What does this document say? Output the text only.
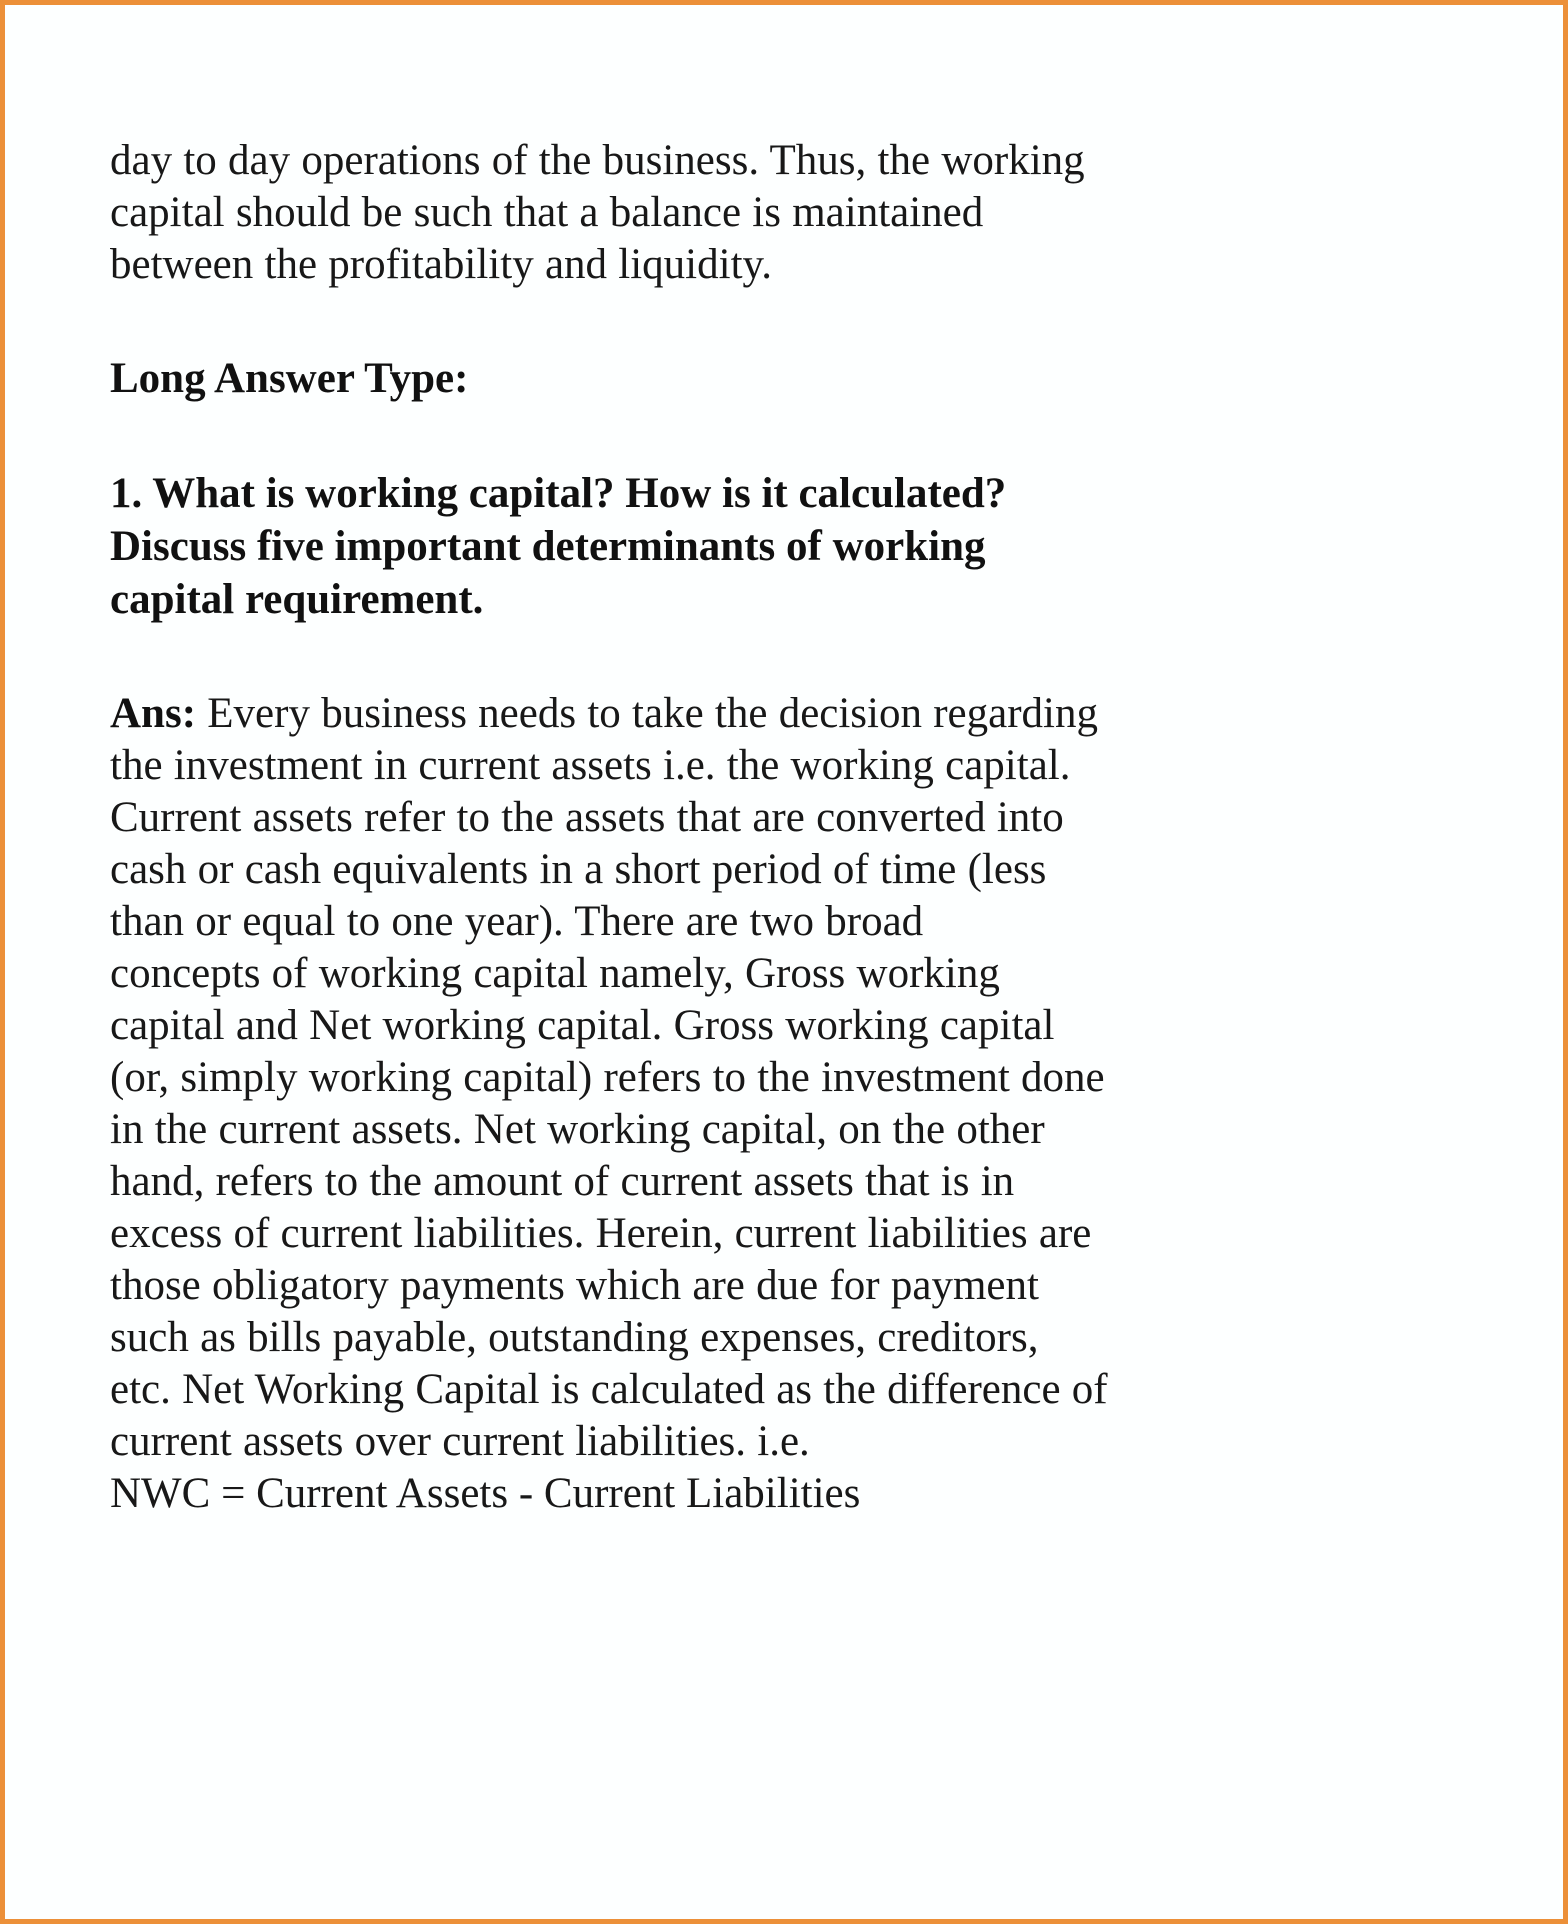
day to day operations of the business. Thus, the working
capital should be such that a balance is maintained
between the profitability and liquidity.

Long Answer Type:
1. What is working capital? How is it calculated?
Discuss five important determinants of working
capital requirement.

Ans: Every business needs to take the decision regarding
the investment in current assets i.e. the working capital.
Current assets refer to the assets that are converted into
cash or cash equivalents in a short period of time (less
than or equal to one year). There are two broad
concepts of working capital namely, Gross working
capital and Net working capital. Gross working capital
(or, simply working capital) refers to the investment done
in the current assets. Net working capital, on the other
hand, refers to the amount of current assets that is in
excess of current liabilities. Herein, current liabilities are
those obligatory payments which are due for payment
such as bills payable, outstanding expenses, creditors,
etc. Net Working Capital is calculated as the difference of
current assets over current liabilities. i.e.

NWC = Current Assets - Current Liabilities
